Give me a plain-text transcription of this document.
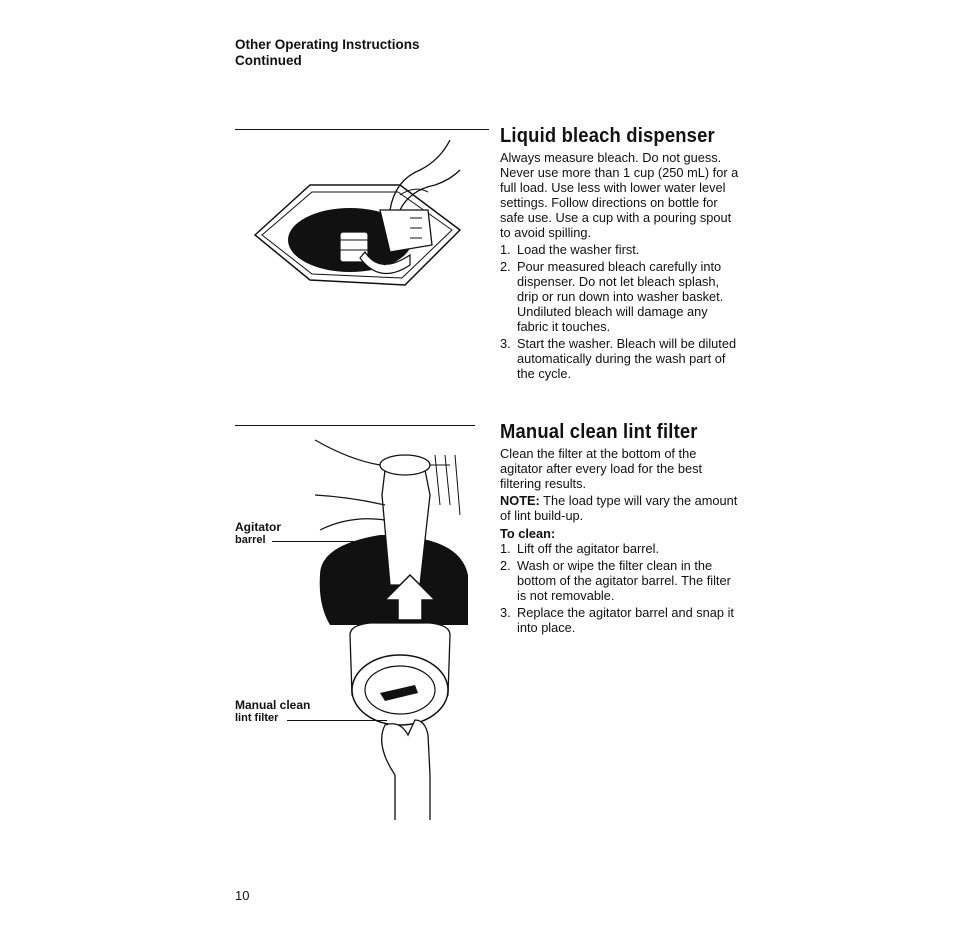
Other Operating Instructions
Continued
Liquid bleach dispenser

Always measure bleach. Do not guess. Never use more than 1 cup (250 mL) for a full load. Use less with lower water level settings. Follow directions on bottle for safe use. Use a cup with a pouring spout to avoid spilling.

1. Load the washer first.
2. Pour measured bleach carefully into dispenser. Do not let bleach splash, drip or run down into washer basket. Undiluted bleach will damage any fabric it touches.
3. Start the washer. Bleach will be diluted automatically during the wash part of the cycle.
Agitator
barrel
Manual clean
lint filter
Manual clean lint filter

Clean the filter at the bottom of the agitator after every load for the best filtering results.

NOTE: The load type will vary the amount of lint build-up.

To clean:
1. Lift off the agitator barrel.
2. Wash or wipe the filter clean in the bottom of the agitator barrel. The filter is not removable.
3. Replace the agitator barrel and snap it into place.
10
